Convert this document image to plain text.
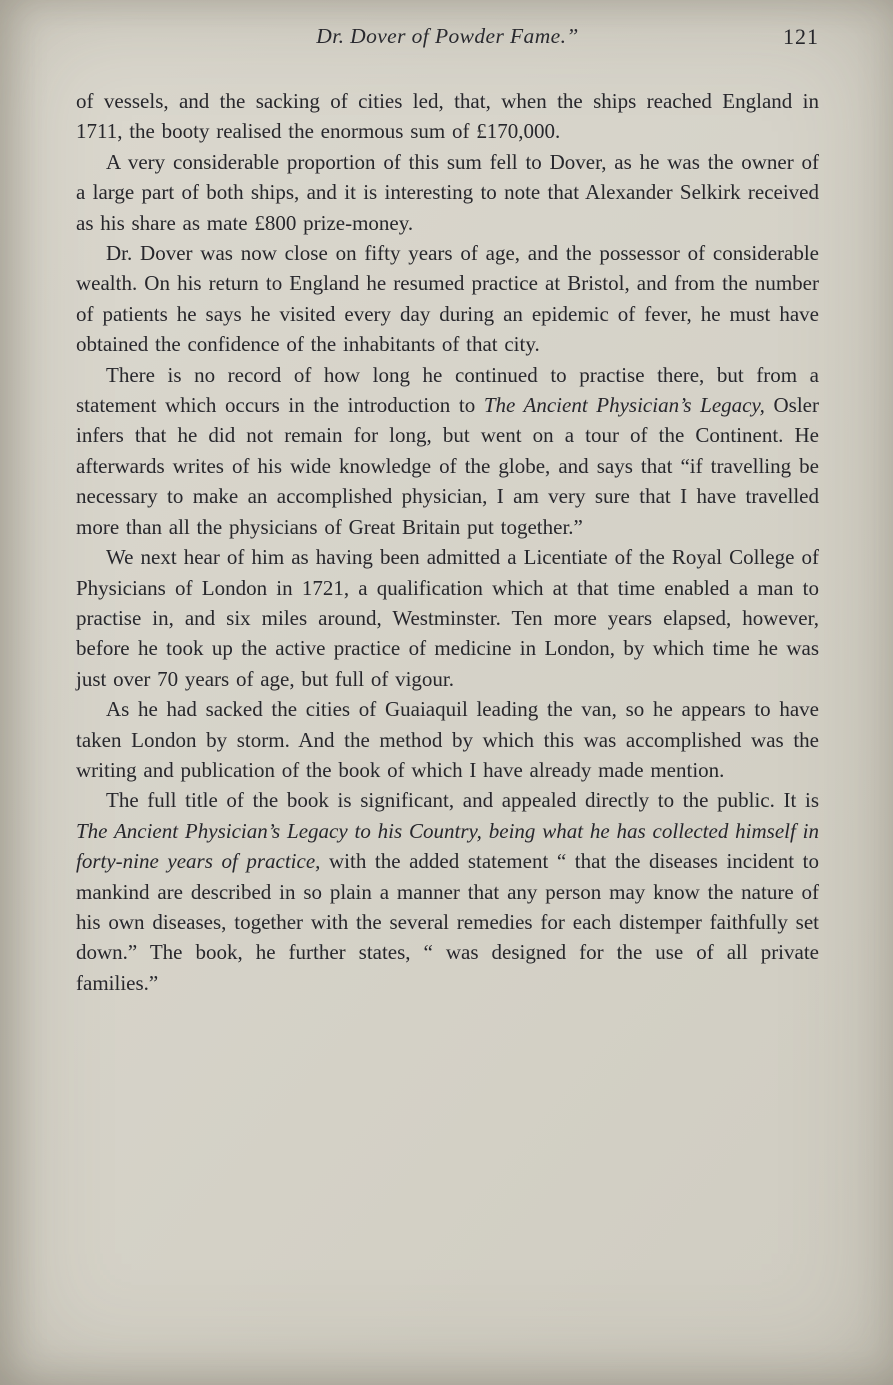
Dr. Dover of Powder Fame.”	121

of vessels, and the sacking of cities led, that, when the ships reached England in 1711, the booty realised the enormous sum of £170,000.

A very considerable proportion of this sum fell to Dover, as he was the owner of a large part of both ships, and it is interesting to note that Alexander Selkirk received as his share as mate £800 prize-money.

Dr. Dover was now close on fifty years of age, and the possessor of considerable wealth. On his return to England he resumed practice at Bristol, and from the number of patients he says he visited every day during an epidemic of fever, he must have obtained the confidence of the inhabitants of that city.

There is no record of how long he continued to practise there, but from a statement which occurs in the introduction to The Ancient Physician’s Legacy, Osler infers that he did not remain for long, but went on a tour of the Continent. He afterwards writes of his wide knowledge of the globe, and says that “if travelling be necessary to make an accomplished physician, I am very sure that I have travelled more than all the physicians of Great Britain put together.”

We next hear of him as having been admitted a Licentiate of the Royal College of Physicians of London in 1721, a qualification which at that time enabled a man to practise in, and six miles around, Westminster. Ten more years elapsed, however, before he took up the active practice of medicine in London, by which time he was just over 70 years of age, but full of vigour.

As he had sacked the cities of Guaiaquil leading the van, so he appears to have taken London by storm. And the method by which this was accomplished was the writing and publication of the book of which I have already made mention.

The full title of the book is significant, and appealed directly to the public. It is The Ancient Physician’s Legacy to his Country, being what he has collected himself in forty-nine years of practice, with the added statement “ that the diseases incident to mankind are described in so plain a manner that any person may know the nature of his own diseases, together with the several remedies for each distemper faithfully set down.” The book, he further states, “ was designed for the use of all private families.”
